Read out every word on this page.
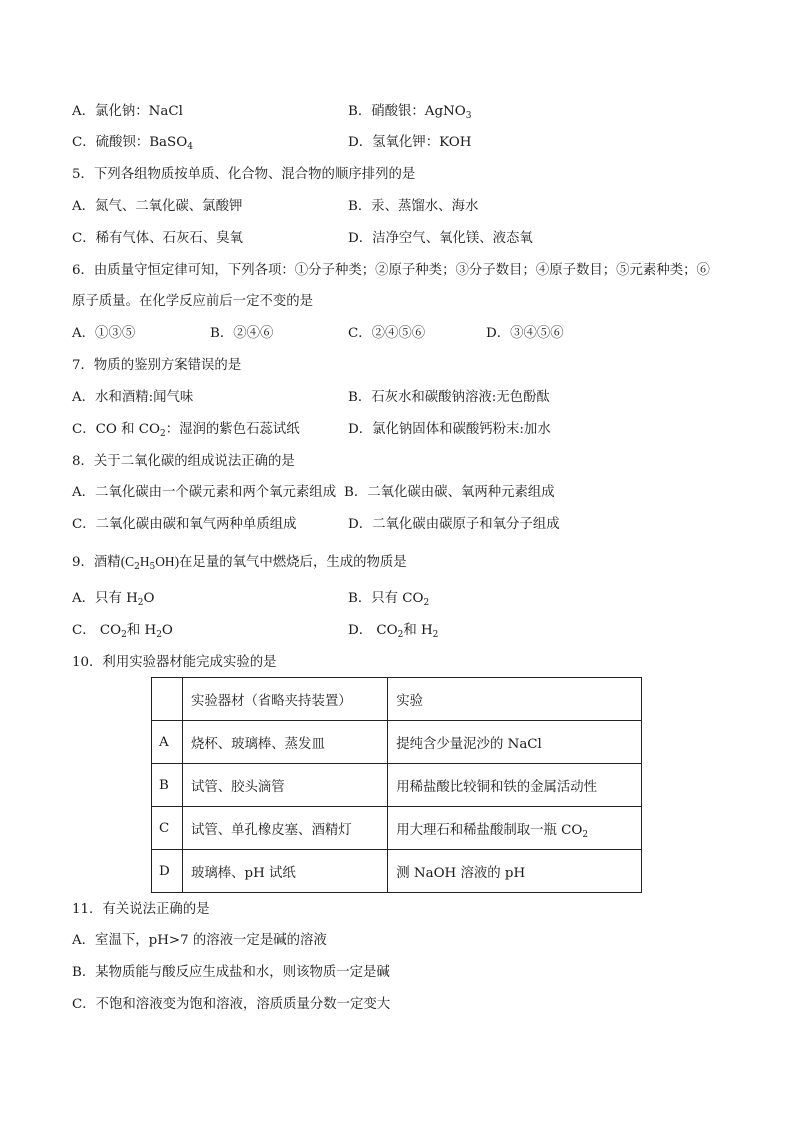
A．氯化钠：NaCl	B．硝酸银：AgNO$_3$
C．硫酸钡：BaSO$_4$	D．氢氧化钾：KOH
5．下列各组物质按单质、化合物、混合物的顺序排列的是
A．氮气、二氧化碳、氯酸钾	B．汞、蒸馏水、海水
C．稀有气体、石灰石、臭氧	D．洁净空气、氧化镁、液态氧
6．由质量守恒定律可知，下列各项：①分子种类；②原子种类；③分子数目；④原子数目；⑤元素种类；⑥
原子质量。在化学反应前后一定不变的是
A．①③⑤	B．②④⑥	C．②④⑤⑥	D．③④⑤⑥
7．物质的鉴别方案错误的是
A．水和酒精:闻气味	B．石灰水和碳酸钠溶液:无色酚酞
C．CO 和 $CO_2$：湿润的紫色石蕊试纸	D．氯化钠固体和碳酸钙粉末:加水
8．关于二氧化碳的组成说法正确的是
A．二氧化碳由一个碳元素和两个氧元素组成 B．二氧化碳由碳、氧两种元素组成
C．二氧化碳由碳和氧气两种单质组成	D．二氧化碳由碳原子和氧分子组成
9．酒精$(C_2H_5OH)$在足量的氧气中燃烧后，生成的物质是
A．只有 $H_2O$	B．只有 $CO_2$
C． $CO_2$和 $H_2O$	D． $CO_2$和 $H_2$
10．利用实验器材能完成实验的是
	实验器材（省略夹持装置）	实验
A	烧杯、玻璃棒、蒸发皿	提纯含少量泥沙的 NaCl
B	试管、胶头滴管	用稀盐酸比较铜和铁的金属活动性
C	试管、单孔橡皮塞、酒精灯	用大理石和稀盐酸制取一瓶 $CO_2$
D	玻璃棒、pH 试纸	测 NaOH 溶液的 pH
11．有关说法正确的是
A．室温下，pH>7 的溶液一定是碱的溶液
B．某物质能与酸反应生成盐和水，则该物质一定是碱
C．不饱和溶液变为饱和溶液，溶质质量分数一定变大
